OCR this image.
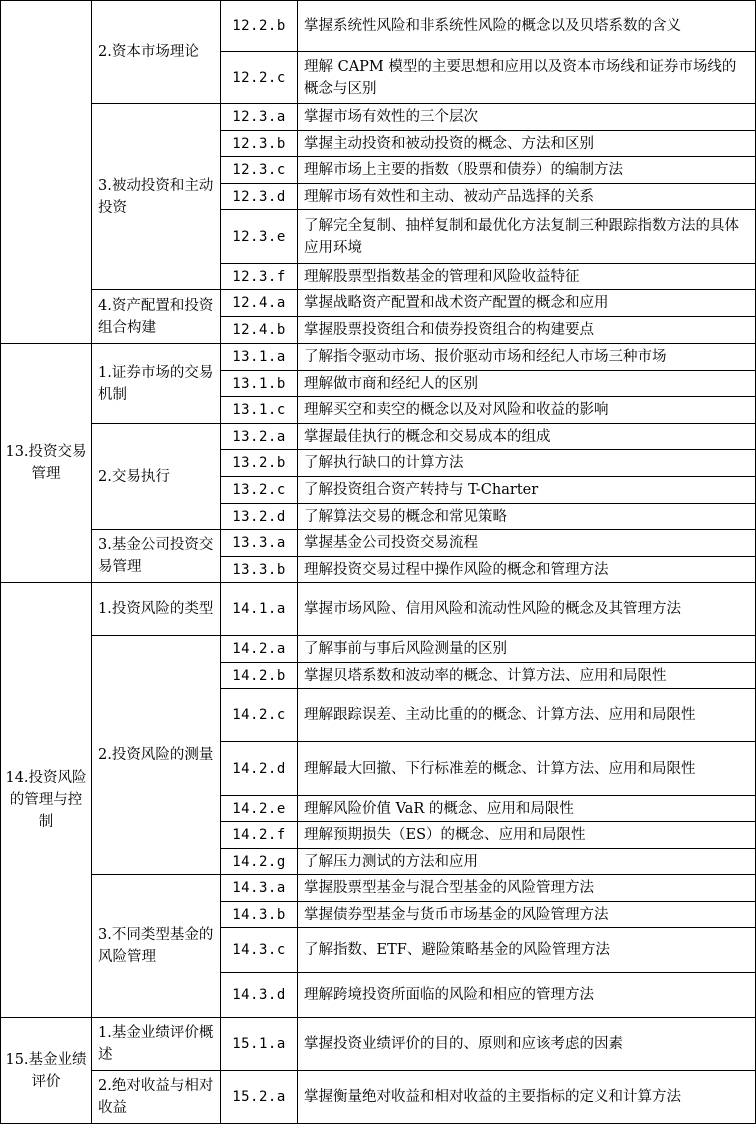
	2.资本市场理论	12.2.b	掌握系统性风险和非系统性风险的概念以及贝塔系数的含义
		12.2.c	理解 CAPM 模型的主要思想和应用以及资本市场线和证券市场线的概念与区别
	3.被动投资和主动投资	12.3.a	掌握市场有效性的三个层次
		12.3.b	掌握主动投资和被动投资的概念、方法和区别
		12.3.c	理解市场上主要的指数（股票和债券）的编制方法
		12.3.d	理解市场有效性和主动、被动产品选择的关系
		12.3.e	了解完全复制、抽样复制和最优化方法复制三种跟踪指数方法的具体应用环境
		12.3.f	理解股票型指数基金的管理和风险收益特征
	4.资产配置和投资组合构建	12.4.a	掌握战略资产配置和战术资产配置的概念和应用
		12.4.b	掌握股票投资组合和债券投资组合的构建要点
13.投资交易管理	1.证券市场的交易机制	13.1.a	了解指令驱动市场、报价驱动市场和经纪人市场三种市场
		13.1.b	理解做市商和经纪人的区别
		13.1.c	理解买空和卖空的概念以及对风险和收益的影响
	2.交易执行	13.2.a	掌握最佳执行的概念和交易成本的组成
		13.2.b	了解执行缺口的计算方法
		13.2.c	了解投资组合资产转持与 T-Charter
		13.2.d	了解算法交易的概念和常见策略
	3.基金公司投资交易管理	13.3.a	掌握基金公司投资交易流程
		13.3.b	理解投资交易过程中操作风险的概念和管理方法
14.投资风险的管理与控制	1.投资风险的类型	14.1.a	掌握市场风险、信用风险和流动性风险的概念及其管理方法
	2.投资风险的测量	14.2.a	了解事前与事后风险测量的区别
		14.2.b	掌握贝塔系数和波动率的概念、计算方法、应用和局限性
		14.2.c	理解跟踪误差、主动比重的的概念、计算方法、应用和局限性
		14.2.d	理解最大回撤、下行标准差的概念、计算方法、应用和局限性
		14.2.e	理解风险价值 VaR 的概念、应用和局限性
		14.2.f	理解预期损失（ES）的概念、应用和局限性
		14.2.g	了解压力测试的方法和应用
	3.不同类型基金的风险管理	14.3.a	掌握股票型基金与混合型基金的风险管理方法
		14.3.b	掌握债券型基金与货币市场基金的风险管理方法
		14.3.c	了解指数、ETF、避险策略基金的风险管理方法
		14.3.d	理解跨境投资所面临的风险和相应的管理方法
15.基金业绩评价	1.基金业绩评价概述	15.1.a	掌握投资业绩评价的目的、原则和应该考虑的因素
	2.绝对收益与相对收益	15.2.a	掌握衡量绝对收益和相对收益的主要指标的定义和计算方法
